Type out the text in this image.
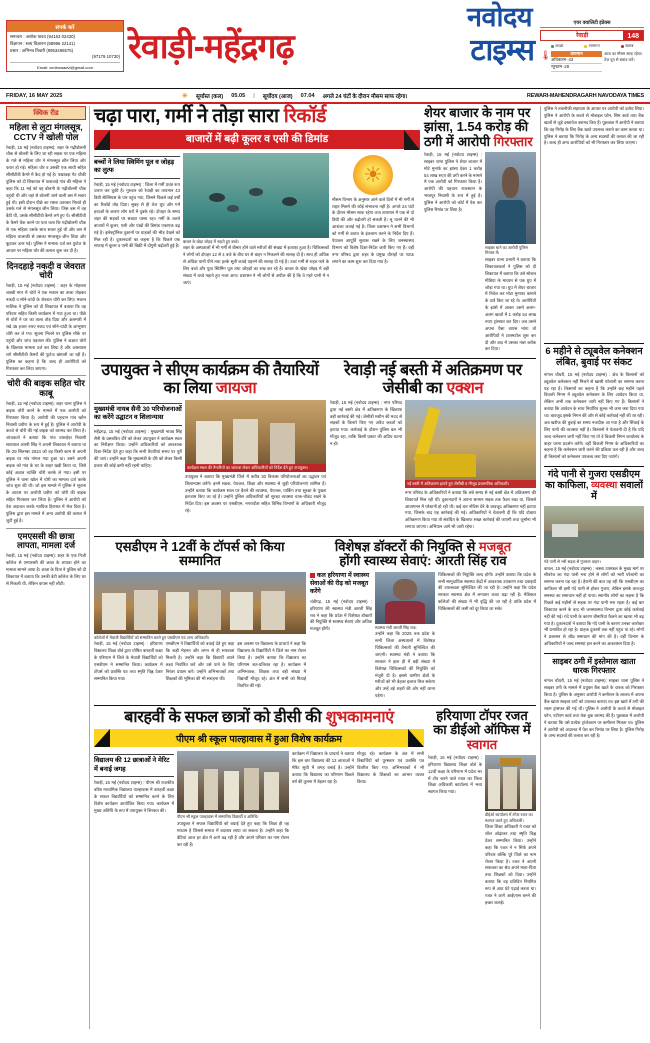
संपर्क करें
समाचार : अशोक यादव (94163 02430)
विज्ञापन : सत्य विज्ञापन (98996 22141)
प्रसार : अभिनव तिवारी (9953496575)
(97179 10730)
Email: vedhwaadvt@gmail.com
नवोदय
रेवाड़ी-महेंद्रगढ़	टाइम्स
एयर क्वालिटी इंडेक्स
रेवाड़ी	148
अच्छा	सामान्य	खराब
🌡	तापमान
अधिकतम -43
न्यूनतम -28
आज का मौसम साफ रहेगा। तेज धूप से बचाव करें।
FRIDAY, 16 MAY 2025	☀ सूर्यास्त (कल) 05.05 | सूर्योदय (आज) 07.04 अगले 24 घंटों के दौरान मौसम साफ रहेगा।	REWARI-MAHENDRAGARH NAVODAYA TIMES
क्विक रीड
महिला से लूटा मंगलसूत्र, CCTV ने खोली पोल
रेवाड़ी, 15 मई (नवोदय टाइम्स): शहर के गढ़ीबोलनी चौक से बोलनी के लिए जा रही सड़क पर एक महिला के गले से महिला चोर ने मंगलसूत्र छीन लिया और फरार हो गई। महिला चोर व उसकी एक साथी सहित सीसीटीवी कैमरे में कैद हो गई है। पखावड़ा गेट चौकी पुलिस को दी शिकायत में पाकवाड़े गांव की महिला ने कहा कि 11 मई को वह बोलनी के गढ़ीबोलनी चौक पहुंची थी और वहां से बोलनी जाने वाली बस में सवार हुई थी। इसी दौरान पीछे का रास्ता उतरकर मिलते ही उसके गले से मंगलसूत्र छीन लिया। जिस बस में वह बैठी थी, उसके सीसीटीवी कैमरे लगे हुए थे। सीसीटीवी के कैमरे चैक करने पर पता चला कि गढ़ीबोलनी चौक से एक महिला उसके साथ सवार हुई थी और बस में महिला चालाकी से उसका मंगलसूत्र छीन लिया और कूदकर उतर गई। पुलिस ने मामला दर्ज कर फुटेज के आधार पर महिला चोर की तलाश शुरू कर दी है।
दिनदहाड़े नकदी व जेवरात चोरी
रेवाड़ी, 15 मई (नवोदय टाइम्स) : शहर के मोहल्ला शास्त्री नगर में चोरों ने एक मकान का ताला तोड़कर नकदी व सोने-चांदी के जेवरात चोरी कर लिए। मकान मालिक ने पुलिस को दी शिकायत में बताया कि वह परिवार सहित किसी कार्यक्रम में गया हुआ था। पीछे से चोरों ने घर का ताला तोड़ दिया और अलमारी में रखे 45 हजार रुपए नकद एवं सोने-चांदी के आभूषण चोरी कर ले गए। सूचना मिलने पर पुलिस मौके पर पहुंची और जांच पड़ताल की। पुलिस ने अज्ञात चोरों के खिलाफ मामला दर्ज कर लिया है और आसपास लगे सीसीटीवी कैमरों की फुटेज खंगाली जा रही है। पुलिस का कहना है कि जल्द ही आरोपियों को गिरफ्तार कर लिया जाएगा।
चोरी की बाइक सहित चोर काबू
रेवाड़ी, 15 मई (नवोदय टाइम्स): शहर थाना पुलिस ने बाइक चोरी करने के मामले में एक आरोपी को गिरफ्तार किया है। आरोपी की पहचान गांव खरैन निवासी प्रवीण के रूप में हुई है। पुलिस ने आरोपी के कब्जे से चोरी की गई बाइक को बरामद कर लिया है। जांचकर्ता ने बताया कि गांव धारूहेड़ा निवासी सत्यपाल अपनी सिंह ने अपनी शिकायत में बताया था कि 29 सितम्बर 2024 को वह किसी काम से अपनी बाइक पर गांव नांगल गया हुआ था। उसने अपनी बाइक को गांव के घर के बाहर खड़ी किया था, जिसे कोई अज्ञात व्यक्ति चोरी करके ले गया। इसी पर पुलिस ने थाना खोल में चोरी का मामला दर्ज करके जांच शुरू की थी। जो इस मामले में पुलिस ने सूचना के आधार पर आरोपी प्रवीण को चोरी की बाइक सहित गिरफ्तार कर लिया है। पुलिस ने आरोपी को पेश अदालत करके न्यायिक हिरासत में भेज दिया है। पुलिस द्वारा इस मामले में अन्य आरोपी की तलाश में जुटी हुई है।
एमएससी की छात्रा लापता, मामला दर्ज
रेवाड़ी, 15 मई (नवोदय टाइम्स): शहर के एक निजी कॉलेज से एमएससी की छात्रा के लापता होने का मामला सामने आया है। छात्रा के पिता ने पुलिस को दी शिकायत में बताया कि उनकी बेटी कॉलेज के लिए घर से निकली थी, लेकिन वापस नहीं लौटी।
चढ़ा पारा, गर्मी ने तोड़ा सारा रिकॉर्ड
बाजारों में बढ़ी कूलर व एसी की डिमांड
बच्चों ने लिया स्विमिंग पूल व जोहड़ का लुत्फ
रेवाड़ी, 15 मई (नवोदय टाइम्स) : जिला में गर्मी प्रचंड रूप धारण कर चुकी है। गुरुवार को रेवाड़ी का तापमान 43 डिग्री सेल्सियस के पार पहुंच गया, जिसने पिछले कई वर्षों का रिकॉर्ड तोड़ दिया। सुबह से ही तेज धूप और गर्म हवाओं के कारण लोग घरों में दुबके रहे। दोपहर के समय शहर की सड़कों पर सन्नाटा पसरा रहा। गर्मी के चलते बाजारों में कूलर, एसी और पंखों की डिमांड एकाएक बढ़ गई है। इलेक्ट्रॉनिक दुकानों पर ग्राहकों की भीड़ देखने को मिल रही है। दुकानदारों का कहना है कि पिछले एक सप्ताह में कूलर व एसी की बिक्री में दोगुनी बढ़ोतरी हुई है।
बावल के खेड़ा जोहड़ में नहाते हुए बच्चे।
शहर के अस्पतालों में भी गर्मी से बीमार होने वाले मरीजों की संख्या में इजाफा हुआ है। चिकित्सकों ने लोगों को दोपहर 12 से 4 बजे के बीच घर से बाहर न निकलने की सलाह दी है। साथ ही अधिक से अधिक पानी पीने तथा हल्के सूती कपड़े पहनने की सलाह दी गई है। उधर गर्मी से राहत पाने के लिए बच्चे और युवा स्विमिंग पूल तथा जोहड़ों का रुख कर रहे हैं। बावल के खेड़ा जोहड़ में बड़ी संख्या में बच्चे नहाते हुए नजर आए। प्रशासन ने भी लोगों से अपील की है कि वे गहरे पानी में न जाएं।
☀
मौसम विभाग के अनुसार आने वाले दिनों में भी गर्मी से राहत मिलने की कोई संभावना नहीं है। अगले 24 घंटों के दौरान मौसम साफ रहेगा तथा तापमान में एक से दो डिग्री की और बढ़ोतरी हो सकती है। लू चलने की भी आशंका जताई गई है। जिला प्रशासन ने सभी विभागों को गर्मी से बचाव के इंतजाम करने के निर्देश दिए हैं। पेयजल आपूर्ति सुचारू रखने के लिए जनस्वास्थ्य विभाग को विशेष दिशा-निर्देश जारी किए गए हैं। वहीं नगर परिषद द्वारा शहर के प्रमुख चौराहों पर प्याऊ लगाने का काम शुरू कर दिया गया है।
शेयर बाजार के नाम पर झांसा, 1.54 करोड़ की ठगी में आरोपी गिरफ्तार
रेवाड़ी, 15 मई (नवोदय टाइम्स) : साइबर थाना पुलिस ने शेयर बाजार में मोटे मुनाफे का झांसा देकर 1 करोड़ 54 लाख रुपए की ठगी करने के मामले में एक आरोपी को गिरफ्तार किया है। आरोपी की पहचान राजस्थान के भरतपुर निवासी के रूप में हुई है। पुलिस ने आरोपी को कोर्ट में पेश कर पुलिस रिमांड पर लिया है।
साइबर थाने का आरोपी पुलिस गिरफ्त में।
साइबर थाना प्रभारी ने बताया कि शिकायतकर्ता ने पुलिस को दी शिकायत में बताया कि उसे सोशल मीडिया के माध्यम से एक ग्रुप में जोड़ा गया था। ग्रुप में शेयर बाजार में निवेश कर मोटा मुनाफा कमाने के दावे किए जा रहे थे। आरोपियों के झांसे में आकर उसने अलग-अलग खातों में 1 करोड़ 54 लाख रुपए ट्रांसफर कर दिए। जब उसने अपना पैसा वापस मांगा तो आरोपियों ने टालमटोल शुरू कर दी और बाद में उसका नंबर ब्लॉक कर दिया।
उपायुक्त ने सीएम कार्यक्रम की तैयारियों का लिया जायजा
मुख्यमंत्री नायब सैनी 30 परियोजनाओं का करेंगे उद्घाटन व शिलान्यास
महेंद्रगढ़, 15 मई (नवोदय टाइम्स) : मुख्यमंत्री नायब सिंह सैनी के प्रस्तावित दौरे को लेकर उपायुक्त ने कार्यक्रम स्थल का निरीक्षण किया। उन्होंने अधिकारियों को आवश्यक दिशा-निर्देश देते हुए कहा कि सभी तैयारियां समय पर पूरी की जाएं। उन्होंने कहा कि मुख्यमंत्री के दौरे को लेकर किसी प्रकार की कोई कमी नहीं रहनी चाहिए।	कार्यक्रम स्थल की तैयारियों का जायजा लेकर अधिकारियों को निर्देश देते हुए उपायुक्त।
उपायुक्त ने बताया कि मुख्यमंत्री जिले में करीब 30 विकास परियोजनाओं का उद्घाटन एवं शिलान्यास करेंगे। इनमें सड़क, पेयजल, शिक्षा और स्वास्थ्य से जुड़ी परियोजनाएं शामिल हैं। उन्होंने बताया कि कार्यक्रम स्थल पर बैठने की व्यवस्था, पेयजल, पार्किंग तथा सुरक्षा के पुख्ता इंतजाम किए जा रहे हैं। उन्होंने पुलिस अधिकारियों को सुरक्षा व्यवस्था चाक-चौबंद रखने के निर्देश दिए। इस अवसर पर एसडीएम, नगराधीश सहित विभिन्न विभागों के अधिकारी मौजूद रहे।
रेवाड़ी नई बस्ती में अतिक्रमण पर जेसीबी का एक्शन
रेवाड़ी, 15 मई (नवोदय टाइम्स) : नगर परिषद द्वारा नई बस्ती क्षेत्र में अतिक्रमण के खिलाफ बड़ी कार्रवाई की गई। जेसीबी मशीन की मदद से सड़कों के किनारे किए गए अवैध कब्जों को हटाया गया। कार्रवाई के दौरान पुलिस बल भी मौजूद रहा, ताकि किसी प्रकार की अप्रिय घटना न हो।
नई बस्ती में अतिक्रमण हटाते हुए जेसीबी व मौजूद प्रशासनिक अधिकारी।
नगर परिषद के अधिकारियों ने बताया कि लंबे समय से नई बस्ती क्षेत्र में अतिक्रमण की शिकायतें मिल रही थीं। दुकानदारों ने अपना सामान सड़क तक फैला रखा था, जिससे आवागमन में परेशानी हो रही थी। कई बार नोटिस देने के बावजूद अतिक्रमण नहीं हटाया गया, जिसके बाद यह कार्रवाई की गई। अधिकारियों ने चेतावनी दी कि यदि दोबारा अतिक्रमण किया गया तो संबंधित के खिलाफ सख्त कार्रवाई की जाएगी तथा जुर्माना भी लगाया जाएगा। अभियान आगे भी जारी रहेगा।
एसडीएम ने 12वीं के टॉपर्स को किया सम्मानित
कॉलेजों में मेधावी विद्यार्थियों को सम्मानित करते हुए एसडीएम एवं अन्य अधिकारी।
रेवाड़ी, 15 मई (नवोदय टाइम्स) : हरियाणा विद्यालय शिक्षा बोर्ड द्वारा घोषित बारहवीं कक्षा के परिणाम में जिले के मेधावी विद्यार्थियों को एसडीएम ने सम्मानित किया। कार्यक्रम में टॉपर्स को प्रशस्ति पत्र तथा स्मृति चिह्न देकर सम्मानित किया गया।
एसडीएम ने विद्यार्थियों को बधाई देते हुए कहा कि कड़ी मेहनत और लगन से ही सफलता मिलती है। उन्होंने कहा कि विद्यार्थी अपने लक्ष्य निर्धारित करें और उसे पाने के लिए निरंतर प्रयास करें। उन्होंने अभिभावकों तथा शिक्षकों की भूमिका की भी सराहना की।
इस अवसर पर विद्यालय के प्राचार्य ने कहा कि विद्यालय के विद्यार्थियों ने जिले का नाम रोशन किया है। उन्होंने बताया कि विद्यालय का परिणाम शत-प्रतिशत रहा है। कार्यक्रम में अभिभावक, शिक्षक तथा बड़ी संख्या में विद्यार्थी मौजूद रहे। अंत में सभी को मिठाई वितरित की गई।
विशेषज्ञ डॉक्टरों की नियुक्ति से मजबूत
होंगी स्वास्थ्य सेवाएं: आरती सिंह राव
कल हरियाणा में स्वास्थ्य सेवाओं की रीढ़ को मजबूत करेंगे
चंडीगढ़, 15 मई (नवोदय टाइम्स) : हरियाणा की स्वास्थ्य मंत्री आरती सिंह राव ने कहा कि प्रदेश में विशेषज्ञ डॉक्टरों की नियुक्ति से स्वास्थ्य सेवाएं और अधिक मजबूत होंगी।	स्वास्थ्य मंत्री आरती सिंह राव।
उन्होंने कहा कि 2025 तक प्रदेश के सभी जिला अस्पतालों में विशेषज्ञ चिकित्सकों की तैनाती सुनिश्चित की जाएगी। स्वास्थ्य मंत्री ने बताया कि सरकार ने हाल ही में बड़ी संख्या में विशेषज्ञ चिकित्सकों की नियुक्ति को मंजूरी दी है। इससे ग्रामीण क्षेत्रों के मरीजों को भी बेहतर इलाज मिल सकेगा और उन्हें बड़े शहरों की ओर नहीं जाना पड़ेगा।
चिकित्सकों की नियुक्ति जल्द होगी। उन्होंने बताया कि प्रदेश के सभी सामुदायिक स्वास्थ्य केंद्रों में आवश्यक उपकरण तथा दवाइयों की उपलब्धता सुनिश्चित की जा रही है। उन्होंने कहा कि प्रदेश सरकार स्वास्थ्य क्षेत्र में लगातार बजट बढ़ा रही है। मेडिकल कॉलेजों की संख्या में भी वृद्धि की जा रही है ताकि प्रदेश में चिकित्सकों की कमी को दूर किया जा सके।
बारहवीं के सफल छात्रों को डीसी की शुभकामनाएं
पीएम श्री स्कूल पाल्हावास में हुआ विशेष कार्यक्रम
विद्यालय की 12 छात्राओं ने मेरिट में बनाई जगह
रेवाड़ी, 15 मई (नवोदय टाइम्स) : पीएम श्री राजकीय वरिष्ठ माध्यमिक विद्यालय पाल्हावास में बारहवीं कक्षा के सफल विद्यार्थियों को सम्मानित करने के लिए विशेष कार्यक्रम आयोजित किया गया। कार्यक्रम में मुख्य अतिथि के रूप में उपायुक्त ने शिरकत की।
पीएम श्री स्कूल पाल्हावास में सम्मानित विद्यार्थी व अतिथि।
उपायुक्त ने सफल विद्यार्थियों को बधाई देते हुए कहा कि शिक्षा ही वह माध्यम है जिससे समाज में बदलाव लाया जा सकता है। उन्होंने कहा कि बेटियां आज हर क्षेत्र में आगे बढ़ रही हैं और अपने परिवार का नाम रोशन कर रही हैं।
कार्यक्रम में विद्यालय के प्राचार्य ने बताया कि इस बार विद्यालय की 12 छात्राओं ने मेरिट सूची में जगह बनाई है। उन्होंने बताया कि विद्यालय का परिणाम पिछले वर्ष की तुलना में बेहतर रहा है।
मौजूद रहे। कार्यक्रम के अंत में सभी विद्यार्थियों को पुरस्कार एवं प्रशस्ति पत्र वितरित किए गए। अभिभावकों ने भी विद्यालय के शिक्षकों का आभार व्यक्त किया।
हरियाणा टॉपर रजत का डीईओ ऑफिस में स्वागत
रेवाड़ी, 15 मई (नवोदय टाइम्स) : हरियाणा विद्यालय शिक्षा बोर्ड के 12वीं कक्षा के परिणाम में प्रदेश भर में टॉप करने वाले रजत का जिला शिक्षा अधिकारी कार्यालय में भव्य स्वागत किया गया।
डीईओ कार्यालय में टॉपर रजत का स्वागत करते हुए अधिकारी।
जिला शिक्षा अधिकारी ने रजत को शॉल ओढ़ाकर तथा स्मृति चिह्न देकर सम्मानित किया। उन्होंने कहा कि रजत ने न सिर्फ अपने परिवार बल्कि पूरे जिले का नाम रोशन किया है। रजत ने अपनी सफलता का श्रेय अपने माता-पिता तथा शिक्षकों को दिया। उन्होंने बताया कि वह प्रतिदिन नियमित रूप से आठ घंटे पढ़ाई करता था। रजत ने आगे आईएएस बनने की इच्छा जताई।
पुलिस ने तकनीकी सहायता के आधार पर आरोपी को दबोच लिया। पुलिस ने आरोपी के कब्जे से मोबाइल फोन, सिम कार्ड तथा बैंक खातों से जुड़े दस्तावेज बरामद किए हैं। पूछताछ में आरोपी ने बताया कि वह गिरोह के लिए बैंक खाते उपलब्ध कराने का काम करता था। पुलिस ने बताया कि गिरोह के अन्य सदस्यों की तलाश की जा रही है। जल्द ही अन्य आरोपियों को भी गिरफ्तार कर लिया जाएगा।
6 महीने से ट्यूबवेल कनेक्शन लंबित, बुवाई पर संकट
नांगल चौधरी, 15 मई (नवोदय टाइम्स) : क्षेत्र के किसानों को ट्यूबवेल कनेक्शन नहीं मिलने से खासी परेशानी का सामना करना पड़ रहा है। किसानों का कहना है कि उन्होंने छह महीने पहले बिजली निगम में ट्यूबवेल कनेक्शन के लिए आवेदन किया था, लेकिन अभी तक कनेक्शन जारी नहीं किए गए हैं। किसानों ने बताया कि आवेदन के साथ निर्धारित शुल्क भी जमा करा दिया गया था। बावजूद इसके निगम की ओर से कोई कार्रवाई नहीं की जा रही। अब खरीफ की बुवाई का समय नजदीक आ गया है और सिंचाई के लिए पानी की व्यवस्था नहीं है। किसानों ने चेतावनी दी है कि यदि जल्द कनेक्शन जारी नहीं किए गए तो वे बिजली निगम कार्यालय के बाहर धरना प्रदर्शन करेंगे। वहीं बिजली निगम के अधिकारियों का कहना है कि कनेक्शन जारी करने की प्रक्रिया चल रही है और जल्द ही किसानों को कनेक्शन उपलब्ध करा दिए जाएंगे।
गंदे पानी से गुजरा एसडीएम का काफिला, व्यवस्था सवालों में
गंदे पानी से भरी सड़क से गुजरता वाहन।
बावल, 15 मई (नवोदय टाइम्स) : कस्बा उपमंडल के मुख्य मार्ग पर सीवरेज का गंदा पानी भरा होने से लोगों को भारी परेशानी का सामना करना पड़ रहा है। हैरानी की बात यह रही कि एसडीएम का काफिला भी इसी गंदे पानी से होकर गुजरा, लेकिन इसके बावजूद समस्या का समाधान नहीं हो पाया। स्थानीय लोगों का कहना है कि पिछले कई महीनों से सड़क पर गंदा पानी भरा रहता है। कई बार शिकायत करने के बाद भी जनस्वास्थ्य विभाग द्वारा कोई कार्रवाई नहीं की गई। गंदे पानी के कारण बीमारियां फैलने का खतरा भी बढ़ गया है। दुकानदारों ने बताया कि गंदे पानी के कारण उनका कारोबार भी प्रभावित हो रहा है। ग्राहक दुकानों तक नहीं पहुंच पा रहे। लोगों ने प्रशासन से शीघ्र समाधान की मांग की है। वहीं विभाग के अधिकारियों ने जल्द समस्या हल करने का आश्वासन दिया है।
साइबर ठगी में इस्तेमाल खाता धारक गिरफ्तार
नांगल चौधरी, 15 मई (नवोदय टाइम्स): साइबर थाना पुलिस ने साइबर ठगी के मामले में प्रयुक्त बैंक खाते के धारक को गिरफ्तार किया है। पुलिस के अनुसार आरोपी ने कमीशन के लालच में अपना बैंक खाता साइबर ठगों को उपलब्ध कराया था। इस खाते में ठगी की रकम ट्रांसफर की गई थी। पुलिस ने आरोपी के कब्जे से मोबाइल फोन, एटीएम कार्ड तथा चेक बुक बरामद की है। पूछताछ में आरोपी ने बताया कि उसे प्रत्येक ट्रांजेक्शन पर कमीशन मिलता था। पुलिस ने आरोपी को अदालत में पेश कर रिमांड पर लिया है। पुलिस गिरोह के अन्य सदस्यों की तलाश कर रही है।
